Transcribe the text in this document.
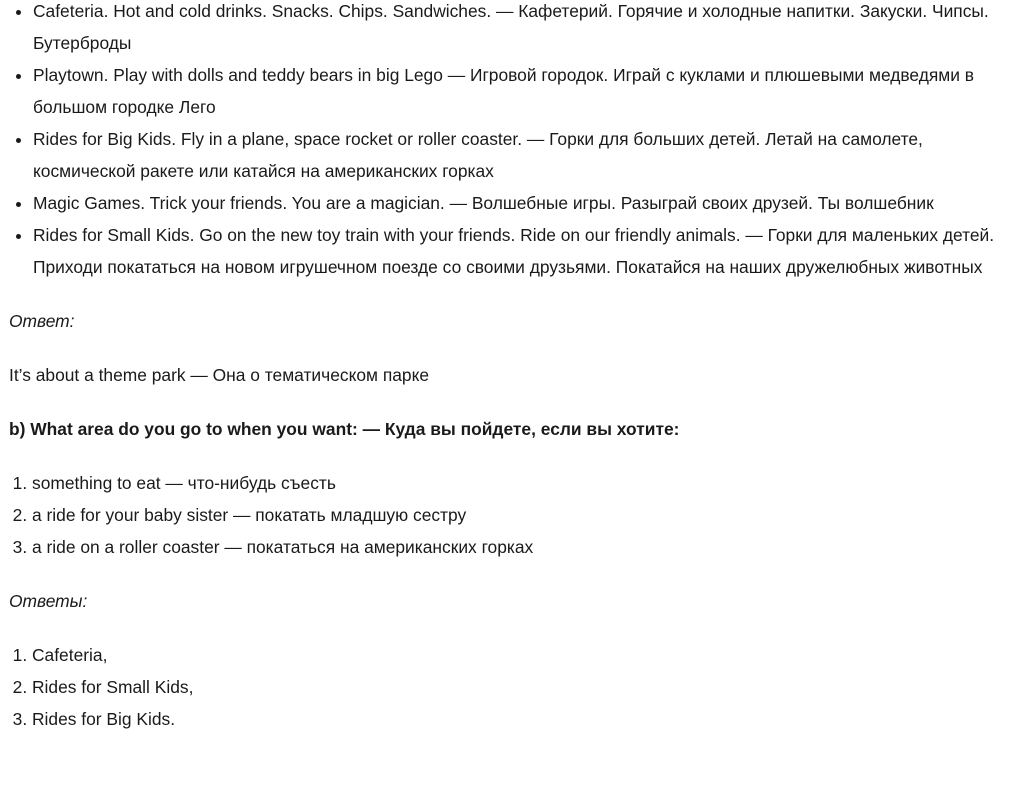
• Cafeteria. Hot and cold drinks. Snacks. Chips. Sandwiches. — Кафетерий. Горячие и холодные напитки. Закуски. Чипсы. Бутерброды
• Playtown. Play with dolls and teddy bears in big Lego — Игровой городок. Играй с куклами и плюшевыми медведями в большом городке Лего
• Rides for Big Kids. Fly in a plane, space rocket or roller coaster. — Горки для больших детей. Летай на самолете, космической ракете или катайся на американских горках
• Magic Games. Trick your friends. You are a magician. — Волшебные игры. Разыграй своих друзей. Ты волшебник
• Rides for Small Kids. Go on the new toy train with your friends. Ride on our friendly animals. — Горки для маленьких детей. Приходи покататься на новом игрушечном поезде со своими друзьями. Покатайся на наших дружелюбных животных

Ответ:

It’s about a theme park — Она о тематическом парке

b) What area do you go to when you want: — Куда вы пойдете, если вы хотите:

1. something to eat — что-нибудь съесть
2. a ride for your baby sister — покатать младшую сестру
3. a ride on a roller coaster — покататься на американских горках

Ответы:

1. Cafeteria,
2. Rides for Small Kids,
3. Rides for Big Kids.
